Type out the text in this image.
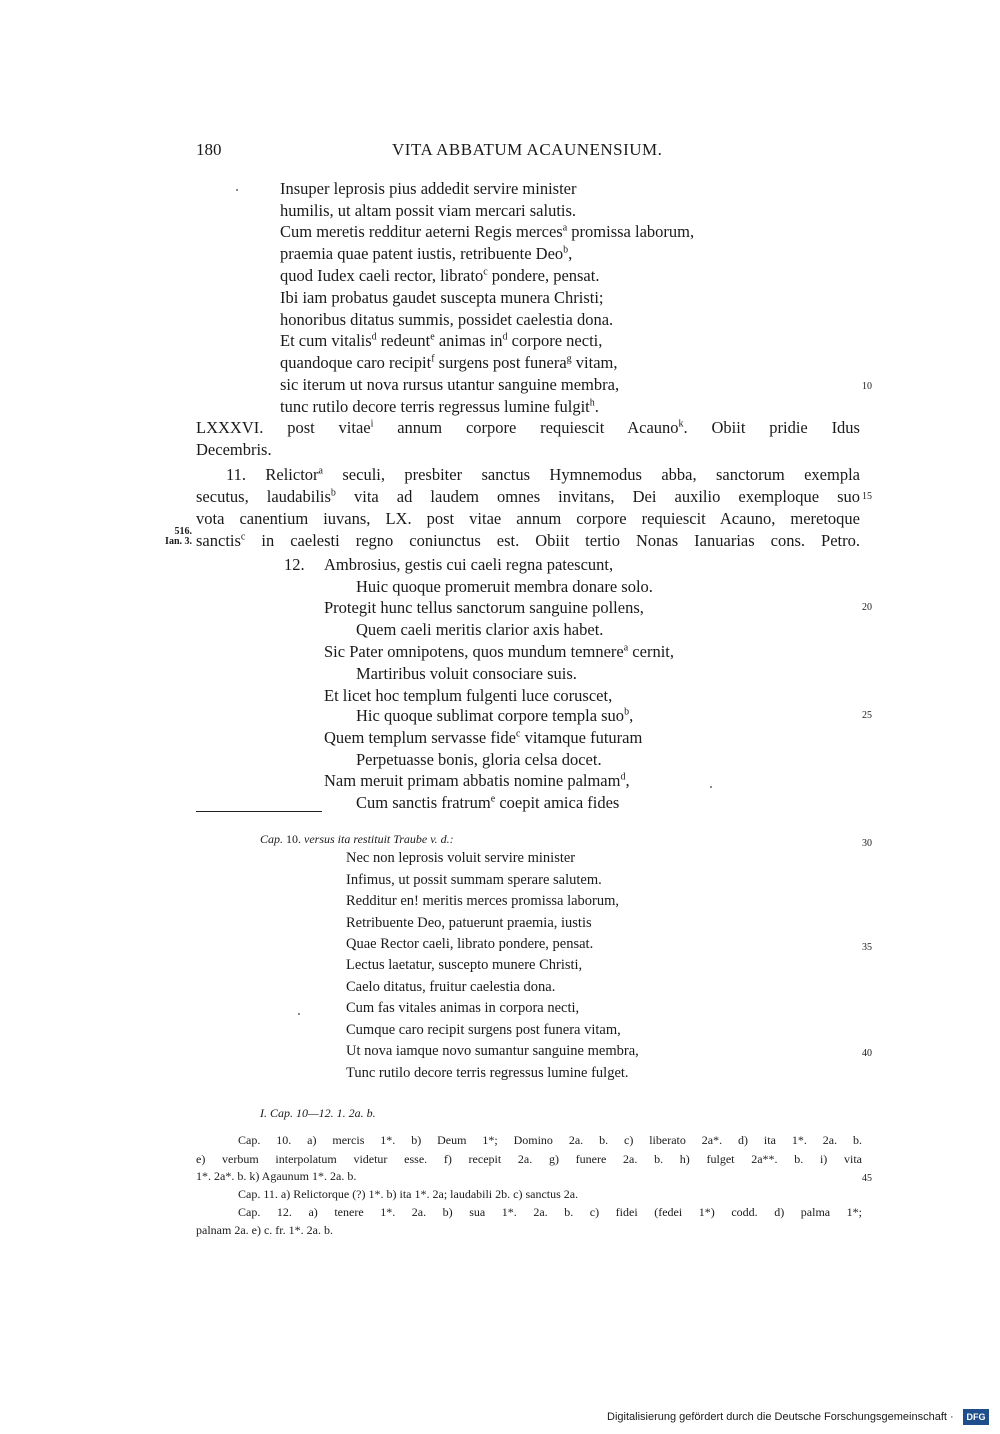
180	VITA ABBATUM ACAUNENSIUM.
Insuper leprosis pius addedit servire minister
humilis, ut altam possit viam mercari salutis.
Cum meretis redditur aeterni Regis merces$^a$ promissa laborum,
praemia quae patent iustis, retribuente Deo$^b$,
quod Iudex caeli rector, librato$^c$ pondere, pensat.
Ibi iam probatus gaudet suscepta munera Christi;
honoribus ditatus summis, possidet caelestia dona.
Et cum vitalis$^d$ redeunt$^e$ animas $in^d$ corpore necti,
quandoque caro recipit$^f$ surgens post funera$^g$ vitam,
sic iterum ut nova rursus utantur sanguine membra,
tunc rutilo decore terris regressus lumine fulgit$^h$.
10
15
20
25
30
35
40
45
LXXXVI. post vitae$^i$ annum corpore requiescit Acauno$^k$. Obiit pridie Idus
Decembris.
11. Relictor$^a$ seculi, presbiter sanctus Hymnemodus abba, sanctorum exempla
secutus, laudabilis$^b$ vita ad laudem omnes invitans, Dei auxilio exemploque suo
vota canentium iuvans, LX. post vitae annum corpore requiescit Acauno, meretoque
sanctis$^c$ in caelesti regno coniunctus est. Obiit tertio Nonas Ianuarias cons. Petro.
516.
Ian. 3.
12. Ambrosius, gestis cui caeli regna patescunt,
Huic quoque promeruit membra donare solo.
Protegit hunc tellus sanctorum sanguine pollens,
Quem caeli meritis clarior axis habet.
Sic Pater omnipotens, quos mundum temnere$^a$ cernit,
Martiribus voluit consociare suis.
Et licet hoc templum fulgenti luce coruscet,
Hic quoque sublimat corpore templa suo$^b$,
Quem templum servasse fide$^c$ vitamque futuram
Perpetuasse bonis, gloria celsa docet.
Nam meruit primam abbatis nomine palmam$^d$,
Cum sanctis fratrum$^e$ coepit amica fides
Cap. 10. versus ita restituit Traube v. d.:
Nec non leprosis voluit servire minister
Infimus, ut possit summam sperare salutem.
Redditur en! meritis merces promissa laborum,
Retribuente Deo, patuerunt praemia, iustis
Quae Rector caeli, librato pondere, pensat.
Lectus laetatur, suscepto munere Christi,
Caelo ditatus, fruitur caelestia dona.
Cum fas vitales animas in corpora necti,
Cumque caro recipit surgens post funera vitam,
Ut nova iamque novo sumantur sanguine membra,
Tunc rutilo decore terris regressus lumine fulget.
I. Cap. 10—12. 1. 2a. b.
Cap. 10. a) mercis 1*. b) Deum 1*; Domino 2a. b. c) liberato 2a*. d) ita 1*. 2a. b.
e) verbum interpolatum videtur esse. f) recepit 2a. g) funere 2a. b. h) fulget 2a**. b. i) vita
1*. 2a*. b. k) Agaunum 1*. 2a. b.
Cap. 11. a) Relictorque (?) 1*. b) ita 1*. 2a; laudabili 2b. c) sanctus 2a.
Cap. 12. a) tenere 1*. 2a. b) sua 1*. 2a. b. c) fidei (fedei 1*) codd. d) palma 1*;
palnam 2a. e) c. fr. 1*. 2a. b.
Digitalisierung gefördert durch die Deutsche Forschungsgemeinschaft ·	DFG
